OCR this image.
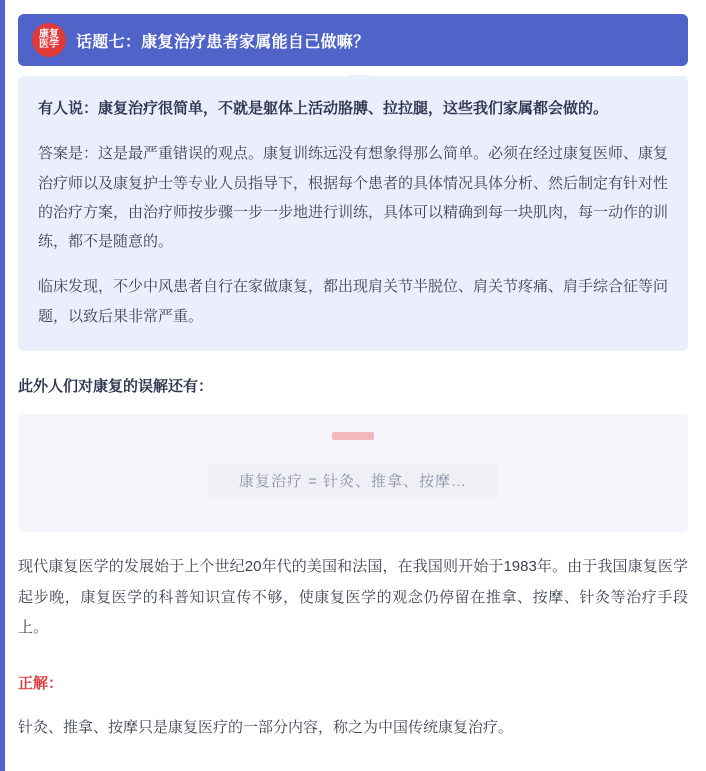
康复
医学 话题七：康复治疗患者家属能自己做嘛？

有人说：康复治疗很简单，不就是躯体上活动胳膊、拉拉腿，这些我们家属都会做的。

答案是：这是最严重错误的观点。康复训练远没有想象得那么简单。必须在经过康复医师、康复治疗师以及康复护士等专业人员指导下，根据每个患者的具体情况具体分析、然后制定有针对性的治疗方案，由治疗师按步骤一步一步地进行训练，具体可以精确到每一块肌肉，每一动作的训练，都不是随意的。

临床发现，不少中风患者自行在家做康复，都出现肩关节半脱位、肩关节疼痛、肩手综合征等问题，以致后果非常严重。

此外人们对康复的误解还有：
康复治疗 = 针灸、推拿、按摩…

现代康复医学的发展始于上个世纪20年代的美国和法国，在我国则开始于1983年。由于我国康复医学起步晚，康复医学的科普知识宣传不够，使康复医学的观念仍停留在推拿、按摩、针灸等治疗手段上。

正解：

针灸、推拿、按摩只是康复医疗的一部分内容，称之为中国传统康复治疗。
